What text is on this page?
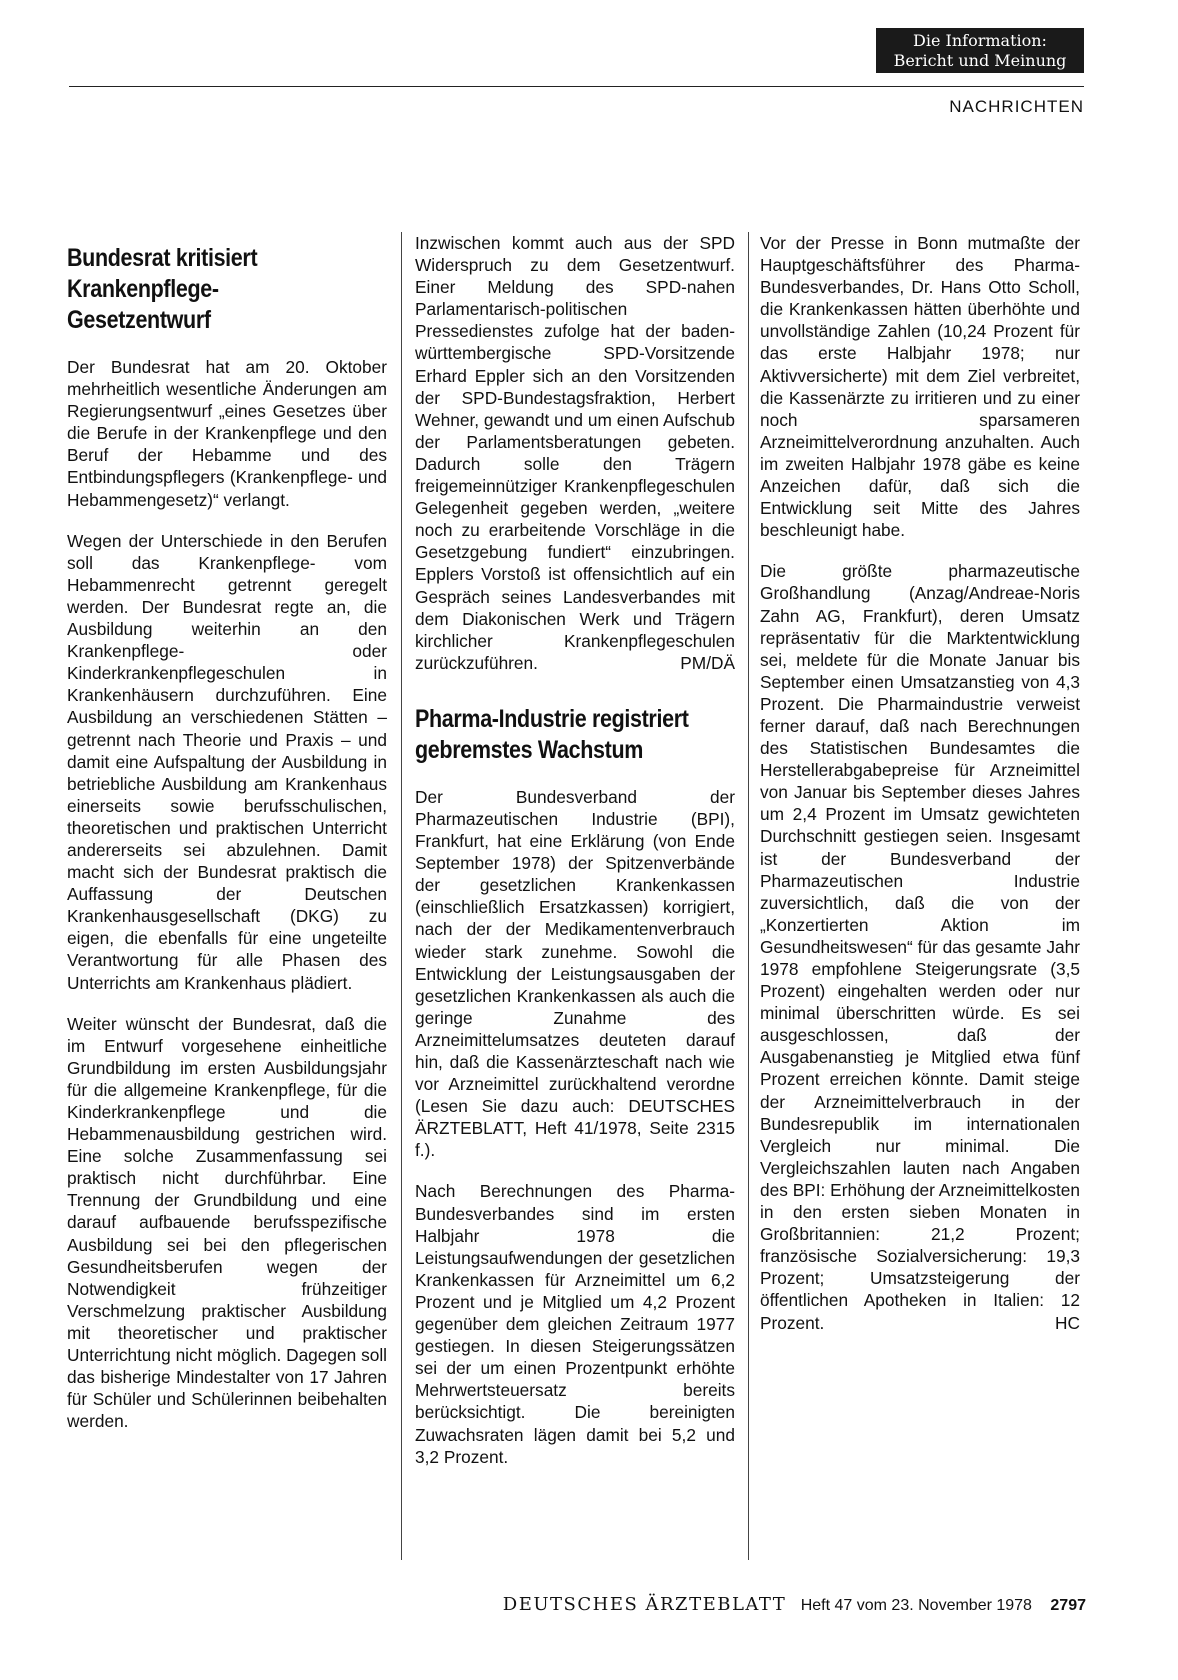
Die Information:
Bericht und Meinung
NACHRICHTEN
Bundesrat kritisiert Krankenpflege-Gesetzentwurf

Der Bundesrat hat am 20. Oktober mehrheitlich wesentliche Änderungen am Regierungsentwurf „eines Gesetzes über die Berufe in der Krankenpflege und den Beruf der Hebamme und des Entbindungspflegers (Krankenpflege- und Hebammengesetz)“ verlangt.

Wegen der Unterschiede in den Berufen soll das Krankenpflege- vom Hebammenrecht getrennt geregelt werden. Der Bundesrat regte an, die Ausbildung weiterhin an den Krankenpflege- oder Kinderkrankenpflegeschulen in Krankenhäusern durchzuführen. Eine Ausbildung an verschiedenen Stätten – getrennt nach Theorie und Praxis – und damit eine Aufspaltung der Ausbildung in betriebliche Ausbildung am Krankenhaus einerseits sowie berufsschulischen, theoretischen und praktischen Unterricht andererseits sei abzulehnen. Damit macht sich der Bundesrat praktisch die Auffassung der Deutschen Krankenhausgesellschaft (DKG) zu eigen, die ebenfalls für eine ungeteilte Verantwortung für alle Phasen des Unterrichts am Krankenhaus plädiert.

Weiter wünscht der Bundesrat, daß die im Entwurf vorgesehene einheitliche Grundbildung im ersten Ausbildungsjahr für die allgemeine Krankenpflege, für die Kinderkrankenpflege und die Hebammenausbildung gestrichen wird. Eine solche Zusammenfassung sei praktisch nicht durchführbar. Eine Trennung der Grundbildung und eine darauf aufbauende berufsspezifische Ausbildung sei bei den pflegerischen Gesundheitsberufen wegen der Notwendigkeit frühzeitiger Verschmelzung praktischer Ausbildung mit theoretischer und praktischer Unterrichtung nicht möglich. Dagegen soll das bisherige Mindestalter von 17 Jahren für Schüler und Schülerinnen beibehalten werden.

Inzwischen kommt auch aus der SPD Widerspruch zu dem Gesetzentwurf. Einer Meldung des SPD-nahen Parlamentarisch-politischen Pressedienstes zufolge hat der baden-württembergische SPD-Vorsitzende Erhard Eppler sich an den Vorsitzenden der SPD-Bundestagsfraktion, Herbert Wehner, gewandt und um einen Aufschub der Parlamentsberatungen gebeten. Dadurch solle den Trägern freigemeinnütziger Krankenpflegeschulen Gelegenheit gegeben werden, „weitere noch zu erarbeitende Vorschläge in die Gesetzgebung fundiert“ einzubringen. Epplers Vorstoß ist offensichtlich auf ein Gespräch seines Landesverbandes mit dem Diakonischen Werk und Trägern kirchlicher Krankenpflegeschulen zurückzuführen.	PM/DÄ

Pharma-Industrie registriert gebremstes Wachstum

Der Bundesverband der Pharmazeutischen Industrie (BPI), Frankfurt, hat eine Erklärung (von Ende September 1978) der Spitzenverbände der gesetzlichen Krankenkassen (einschließlich Ersatzkassen) korrigiert, nach der der Medikamentenverbrauch wieder stark zunehme. Sowohl die Entwicklung der Leistungsausgaben der gesetzlichen Krankenkassen als auch die geringe Zunahme des Arzneimittelumsatzes deuteten darauf hin, daß die Kassenärzteschaft nach wie vor Arzneimittel zurückhaltend verordne (Lesen Sie dazu auch: DEUTSCHES ÄRZTEBLATT, Heft 41/1978, Seite 2315 f.).

Nach Berechnungen des Pharma-Bundesverbandes sind im ersten Halbjahr 1978 die Leistungsaufwendungen der gesetzlichen Krankenkassen für Arzneimittel um 6,2 Prozent und je Mitglied um 4,2 Prozent gegenüber dem gleichen Zeitraum 1977 gestiegen. In diesen Steigerungssätzen sei der um einen Prozentpunkt erhöhte Mehrwertsteuersatz bereits berücksichtigt. Die bereinigten Zuwachsraten lägen damit bei 5,2 und 3,2 Prozent.

Vor der Presse in Bonn mutmaßte der Hauptgeschäftsführer des Pharma-Bundesverbandes, Dr. Hans Otto Scholl, die Krankenkassen hätten überhöhte und unvollständige Zahlen (10,24 Prozent für das erste Halbjahr 1978; nur Aktivversicherte) mit dem Ziel verbreitet, die Kassenärzte zu irritieren und zu einer noch sparsameren Arzneimittelverordnung anzuhalten. Auch im zweiten Halbjahr 1978 gäbe es keine Anzeichen dafür, daß sich die Entwicklung seit Mitte des Jahres beschleunigt habe.

Die größte pharmazeutische Großhandlung (Anzag/Andreae-Noris Zahn AG, Frankfurt), deren Umsatz repräsentativ für die Marktentwicklung sei, meldete für die Monate Januar bis September einen Umsatzanstieg von 4,3 Prozent. Die Pharmaindustrie verweist ferner darauf, daß nach Berechnungen des Statistischen Bundesamtes die Herstellerabgabepreise für Arzneimittel von Januar bis September dieses Jahres um 2,4 Prozent im Umsatz gewichteten Durchschnitt gestiegen seien. Insgesamt ist der Bundesverband der Pharmazeutischen Industrie zuversichtlich, daß die von der „Konzertierten Aktion im Gesundheitswesen“ für das gesamte Jahr 1978 empfohlene Steigerungsrate (3,5 Prozent) eingehalten werden oder nur minimal überschritten würde. Es sei ausgeschlossen, daß der Ausgabenanstieg je Mitglied etwa fünf Prozent erreichen könnte. Damit steige der Arzneimittelverbrauch in der Bundesrepublik im internationalen Vergleich nur minimal. Die Vergleichszahlen lauten nach Angaben des BPI: Erhöhung der Arzneimittelkosten in den ersten sieben Monaten in Großbritannien: 21,2 Prozent; französische Sozialversicherung: 19,3 Prozent; Umsatzsteigerung der öffentlichen Apotheken in Italien: 12 Prozent.	HC

DEUTSCHES ÄRZTEBLATT Heft 47 vom 23. November 1978 2797
